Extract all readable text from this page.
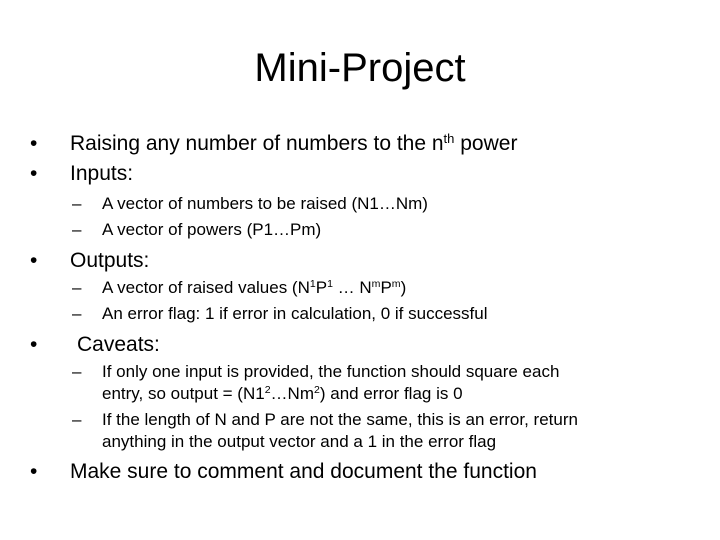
Mini-Project
• Raising any number of numbers to the $n^{th}$ power
• Inputs:
– A vector of numbers to be raised (N1…Nm)
– A vector of powers (P1…Pm)
• Outputs:
– A vector of raised values ($N^1P^1$ … $N^mP^m$)
– An error flag: 1 if error in calculation, 0 if successful
• Caveats:
– If only one input is provided, the function should square each
entry, so output = $(N1^2\dots Nm^2)$ and error flag is 0
– If the length of N and P are not the same, this is an error, return
anything in the output vector and a 1 in the error flag
• Make sure to comment and document the function
